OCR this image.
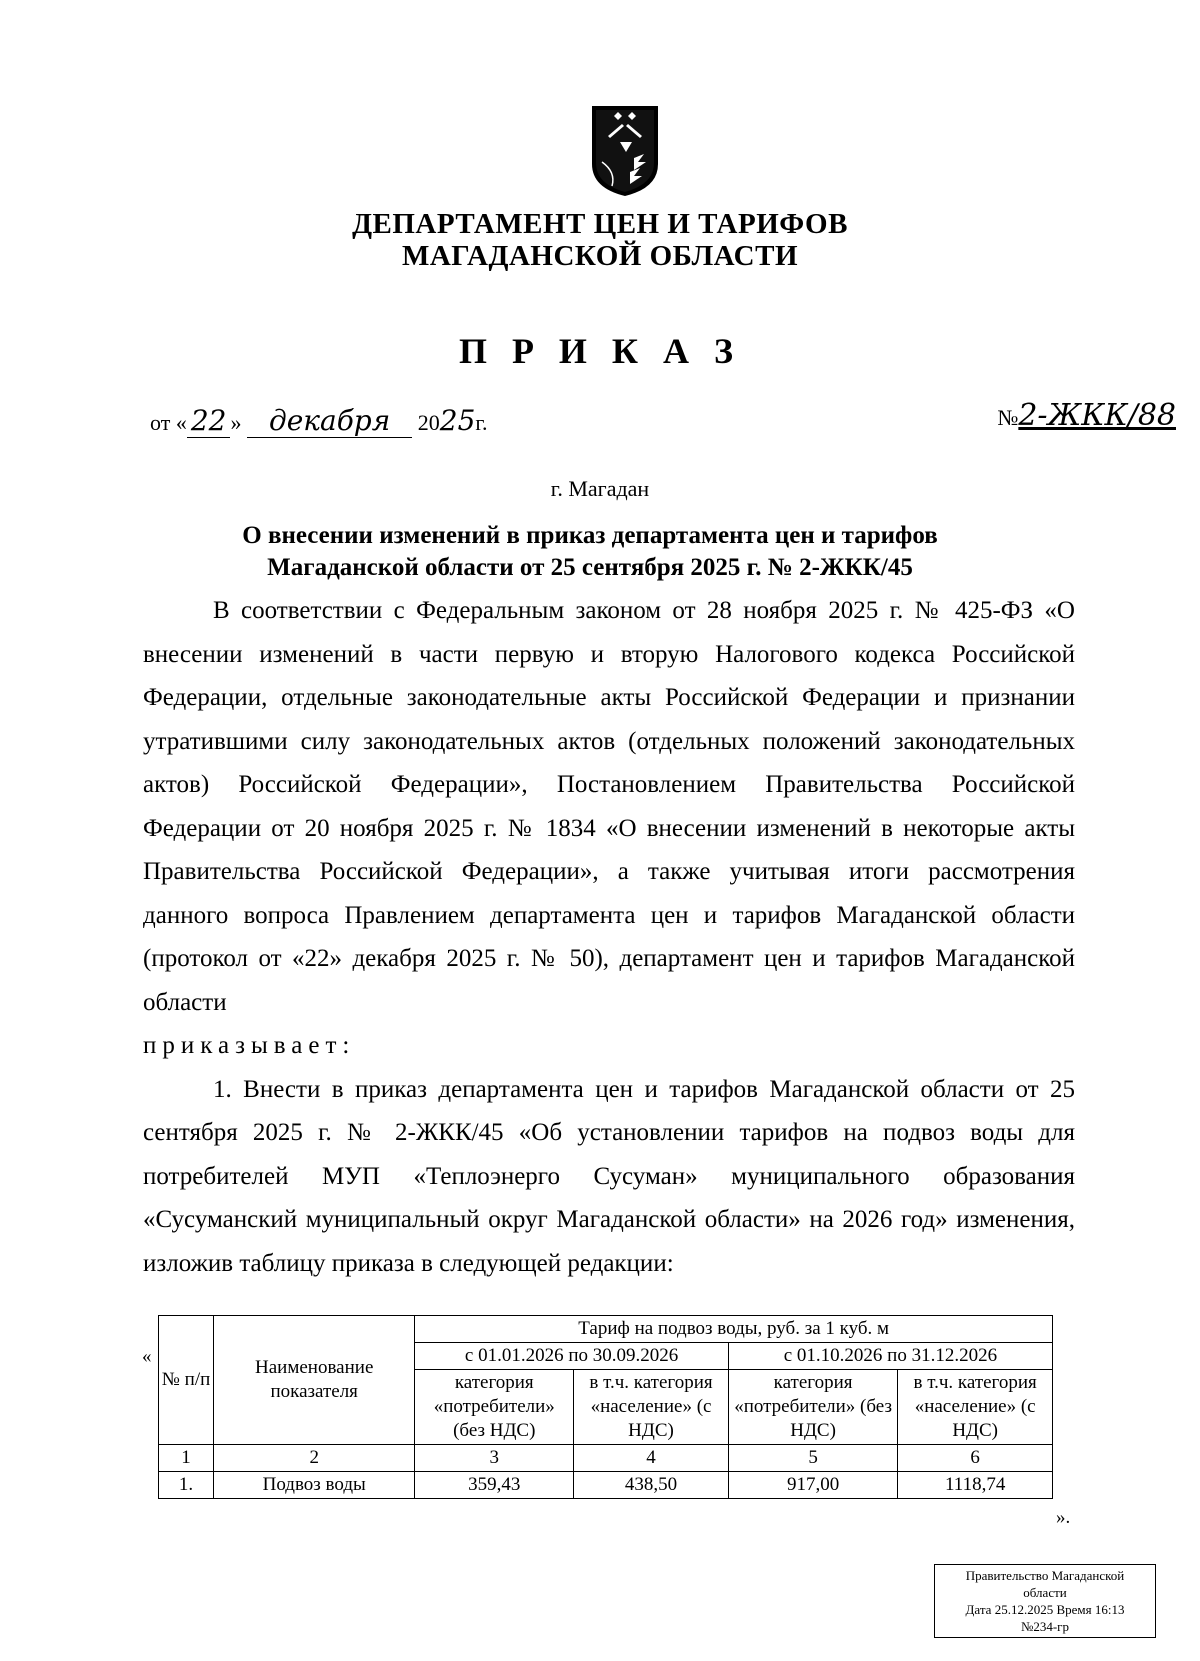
ДЕПАРТАМЕНТ ЦЕН И ТАРИФОВ
МАГАДАНСКОЙ ОБЛАСТИ
П Р И К А З
от « 22 » декабря 2025г.	№2-ЖКК/88
г. Магадан
О внесении изменений в приказ департамента цен и тарифов
Магаданской области от 25 сентября 2025 г. № 2-ЖКК/45

В соответствии с Федеральным законом от 28 ноября 2025 г. № 425-ФЗ «О внесении изменений в части первую и вторую Налогового кодекса Российской Федерации, отдельные законодательные акты Российской Федерации и признании утратившими силу законодательных актов (отдельных положений законодательных актов) Российской Федерации», Постановлением Правительства Российской Федерации от 20 ноября 2025 г. № 1834 «О внесении изменений в некоторые акты Правительства Российской Федерации», а также учитывая итоги рассмотрения данного вопроса Правлением департамента цен и тарифов Магаданской области (протокол от «22» декабря 2025 г. № 50), департамент цен и тарифов Магаданской области

приказывает:

1. Внести в приказ департамента цен и тарифов Магаданской области от 25 сентября 2025 г. № 2-ЖКК/45 «Об установлении тарифов на подвоз воды для потребителей МУП «Теплоэнерго Сусуман» муниципального образования «Сусуманский муниципальный округ Магаданской области» на 2026 год» изменения, изложив таблицу приказа в следующей редакции:

«
№ п/п	Наименование показателя	Тариф на подвоз воды, руб. за 1 куб. м			
		с 01.01.2026 по 30.09.2026		с 01.10.2026 по 31.12.2026	
		категория «потребители» (без НДС)	в т.ч. категория «население» (с НДС)	категория «потребители» (без НДС)	в т.ч. категория «население» (с НДС)
1	2	3	4	5	6
1.	Подвоз воды	359,43	438,50	917,00	1118,74
».
Правительство Магаданской
области
Дата 25.12.2025 Время 16:13
№234-гр
